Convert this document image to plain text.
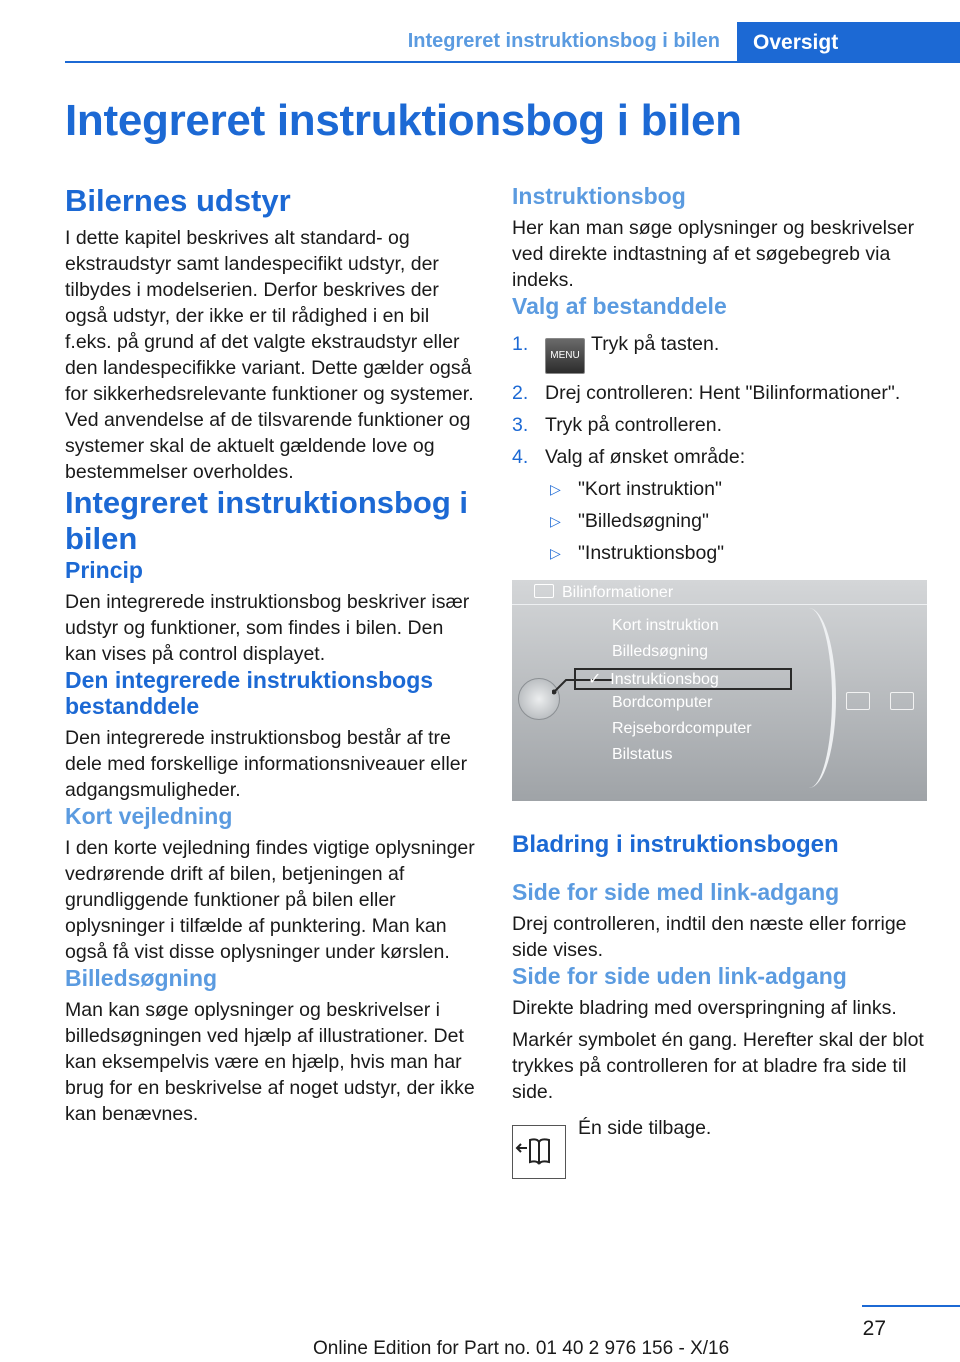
Integreret instruktionsbog i bilen	Oversigt
Integreret instruktionsbog i bilen
Bilernes udstyr

I dette kapitel beskrives alt standard- og ekstraudstyr samt landespecifikt udstyr, der tilbydes i modelserien. Derfor beskrives der også udstyr, der ikke er til rådighed i en bil f.eks. på grund af det valgte ekstraudstyr eller den landespecifikke variant. Dette gælder også for sikkerhedsrelevante funktioner og systemer. Ved anvendelse af de tilsvarende funktioner og systemer skal de aktuelt gældende love og bestemmelser overholdes.

Integreret instruktionsbog i bilen
Princip

Den integrerede instruktionsbog beskriver især udstyr og funktioner, som findes i bilen. Den kan vises på control displayet.

Den integrerede instruktionsbogs bestanddele

Den integrerede instruktionsbog består af tre dele med forskellige informationsniveauer eller adgangsmuligheder.

Kort vejledning

I den korte vejledning findes vigtige oplysninger vedrørende drift af bilen, betjeningen af grundliggende funktioner på bilen eller oplysninger i tilfælde af punktering. Man kan også få vist disse oplysninger under kørslen.

Billedsøgning

Man kan søge oplysninger og beskrivelser i billedsøgningen ved hjælp af illustrationer. Det kan eksempelvis være en hjælp, hvis man har brug for en beskrivelse af noget udstyr, der ikke kan benævnes.

Instruktionsbog

Her kan man søge oplysninger og beskrivelser ved direkte indtastning af et søgebegreb via indeks.

Valg af bestanddele
1.
MENUTryk på tasten.
2. Drej controlleren: Hent "Bilinformationer".
3. Tryk på controlleren.
4. Valg af ønsket område:
▷ "Kort instruktion"
▷ "Billedsøgning"
▷ "Instruktionsbog"
Bilinformationer
Kort instruktion
Billedsøgning
✓  Instruktionsbog
Bordcomputer
Rejsebordcomputer
Bilstatus
Bladring i instruktionsbogen
Side for side med link-adgang

Drej controlleren, indtil den næste eller forrige side vises.

Side for side uden link-adgang

Direkte bladring med overspringning af links.

Markér symbolet én gang. Herefter skal der blot trykkes på controlleren for at bladre fra side til side.

Én side tilbage.
27
Online Edition for Part no. 01 40 2 976 156 - X/16
